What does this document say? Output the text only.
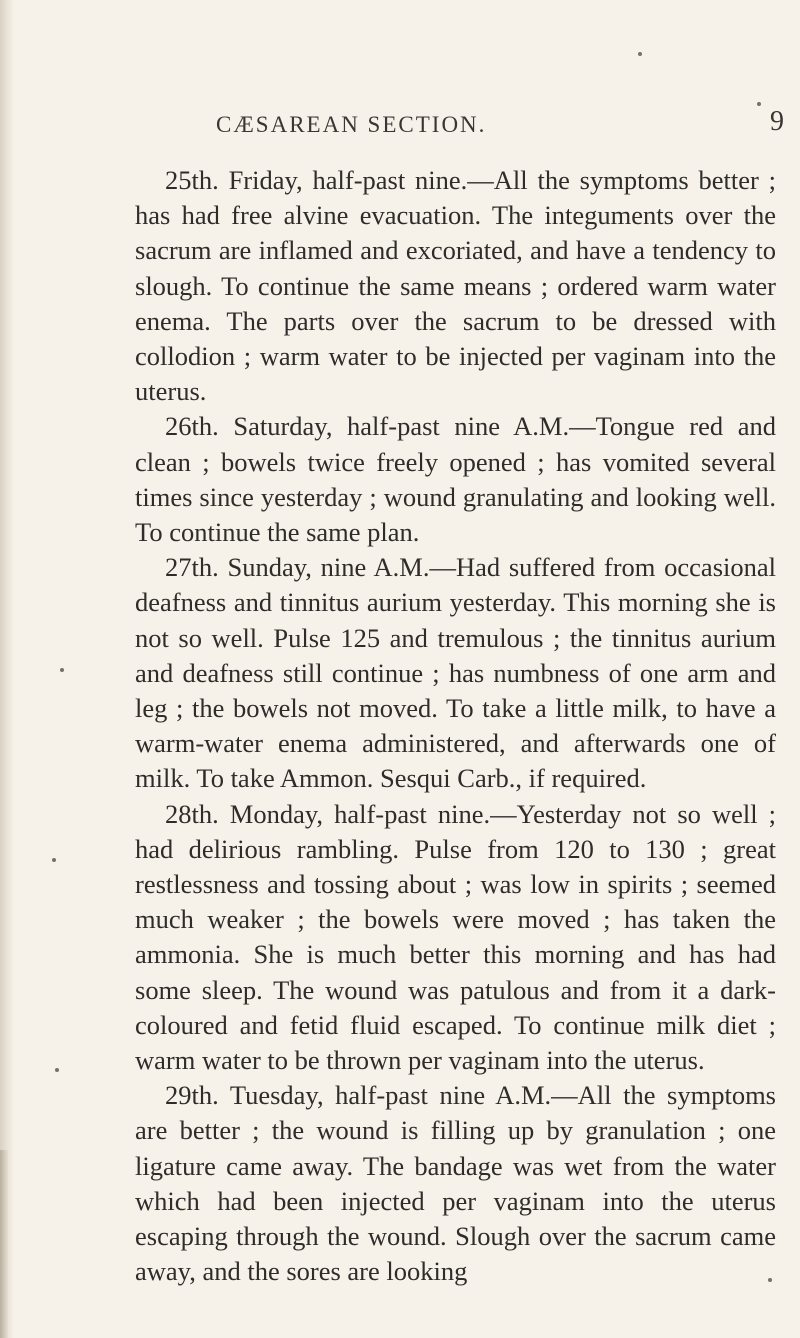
CÆSAREAN SECTION.	9

25th. Friday, half-past nine.—All the symptoms better ; has had free alvine evacuation. The integuments over the sacrum are inflamed and excoriated, and have a tendency to slough. To continue the same means ; ordered warm water enema. The parts over the sacrum to be dressed with collodion ; warm water to be injected per vaginam into the uterus.

26th. Saturday, half-past nine A.M.—Tongue red and clean ; bowels twice freely opened ; has vomited several times since yesterday ; wound granulating and looking well. To continue the same plan.

27th. Sunday, nine A.M.—Had suffered from occasional deafness and tinnitus aurium yesterday. This morning she is not so well. Pulse 125 and tremulous ; the tinnitus aurium and deafness still continue ; has numbness of one arm and leg ; the bowels not moved. To take a little milk, to have a warm-water enema administered, and afterwards one of milk. To take Ammon. Sesqui Carb., if required.

28th. Monday, half-past nine.—Yesterday not so well ; had delirious rambling. Pulse from 120 to 130 ; great restlessness and tossing about ; was low in spirits ; seemed much weaker ; the bowels were moved ; has taken the ammonia. She is much better this morning and has had some sleep. The wound was patulous and from it a dark-coloured and fetid fluid escaped. To continue milk diet ; warm water to be thrown per vaginam into the uterus.

29th. Tuesday, half-past nine A.M.—All the symptoms are better ; the wound is filling up by granulation ; one ligature came away. The bandage was wet from the water which had been injected per vaginam into the uterus escaping through the wound. Slough over the sacrum came away, and the sores are looking
